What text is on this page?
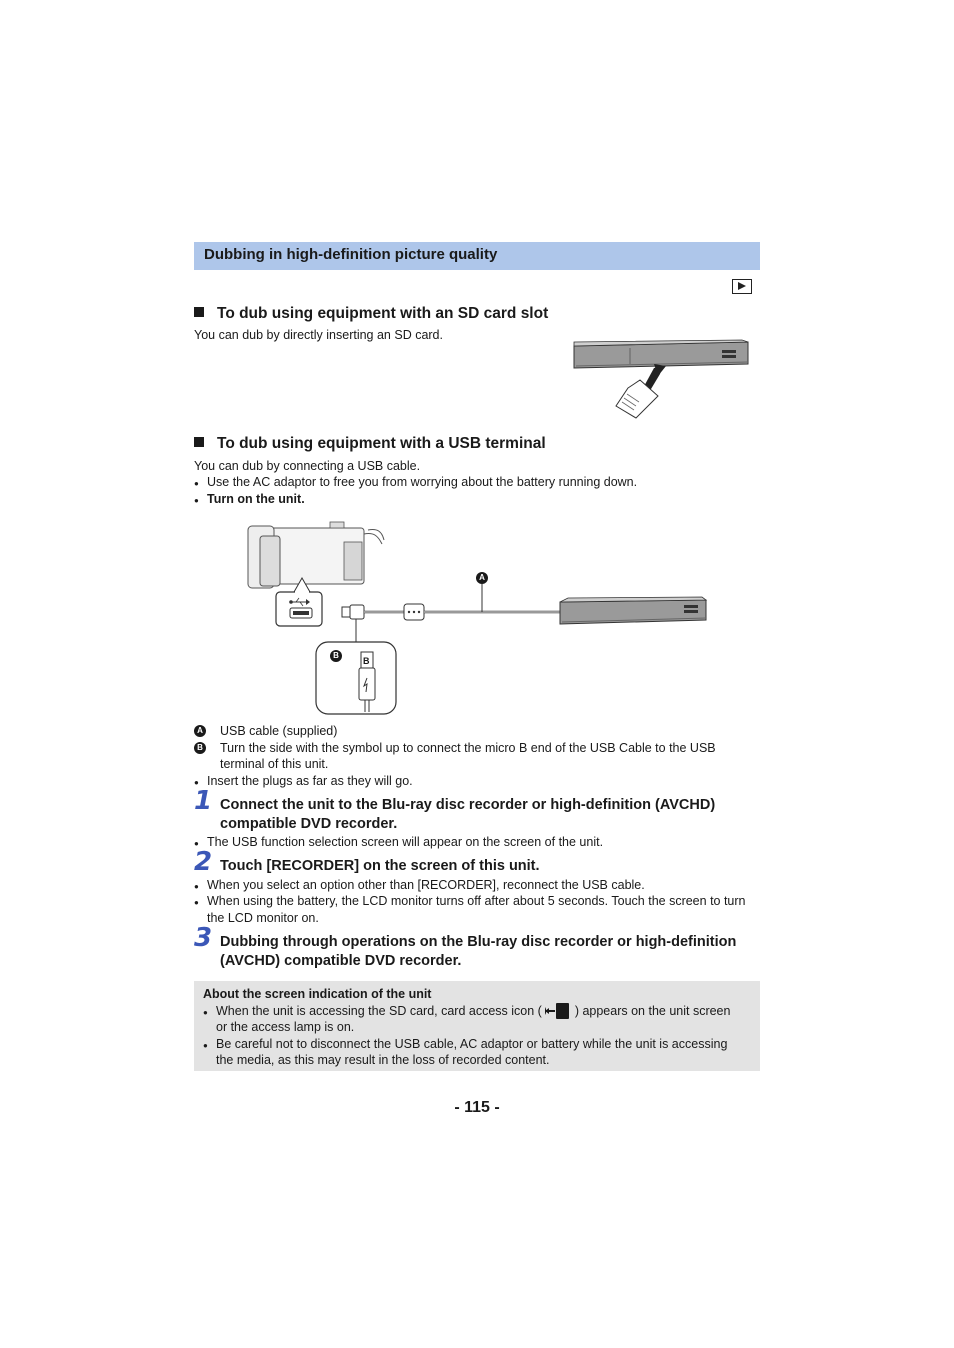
Dubbing in high-definition picture quality
To dub using equipment with an SD card slot
You can dub by directly inserting an SD card.
To dub using equipment with a USB terminal
You can dub by connecting a USB cable.
● Use the AC adaptor to free you from worrying about the battery running down.
● Turn on the unit.
A
B
B
A USB cable (supplied)
B Turn the side with the symbol up to connect the micro B end of the USB Cable to the USB
terminal of this unit.
● Insert the plugs as far as they will go.
1 Connect the unit to the Blu-ray disc recorder or high-definition (AVCHD)
compatible DVD recorder.
● The USB function selection screen will appear on the screen of the unit.
2 Touch [RECORDER] on the screen of this unit.
● When you select an option other than [RECORDER], reconnect the USB cable.
● When using the battery, the LCD monitor turns off after about 5 seconds. Touch the screen to turn
the LCD monitor on.
3 Dubbing through operations on the Blu-ray disc recorder or high-definition
(AVCHD) compatible DVD recorder.
About the screen indication of the unit
● When the unit is accessing the SD card, card access icon (	) appears on the unit screen
or the access lamp is on.
● Be careful not to disconnect the USB cable, AC adaptor or battery while the unit is accessing
the media, as this may result in the loss of recorded content.
- 115 -
